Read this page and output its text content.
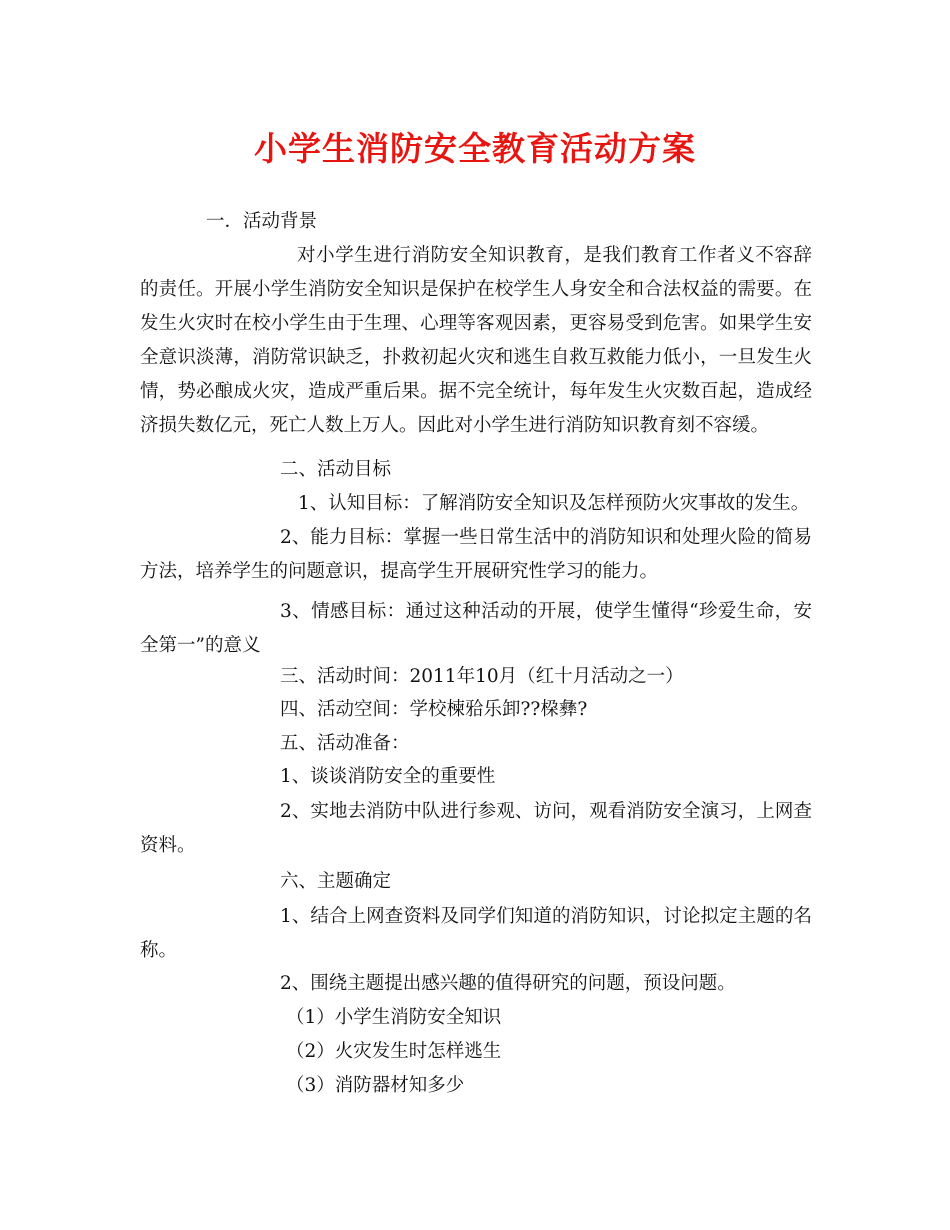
小学生消防安全教育活动方案

一．活动背景

对小学生进行消防安全知识教育，是我们教育工作者义不容辞的责任。开展小学生消防安全知识是保护在校学生人身安全和合法权益的需要。在发生火灾时在校小学生由于生理、心理等客观因素，更容易受到危害。如果学生安全意识淡薄，消防常识缺乏，扑救初起火灾和逃生自救互救能力低小，一旦发生火情，势必酿成火灾，造成严重后果。据不完全统计，每年发生火灾数百起，造成经济损失数亿元，死亡人数上万人。因此对小学生进行消防知识教育刻不容缓。

二、活动目标

1、认知目标：了解消防安全知识及怎样预防火灾事故的发生。

2、能力目标：掌握一些日常生活中的消防知识和处理火险的简易方法，培养学生的问题意识，提高学生开展研究性学习的能力。

3、情感目标：通过这种活动的开展，使学生懂得“珍爱生命，安全第一”的意义

三、活动时间：2011年10月（红十月活动之一）

四、活动空间：学校楝𬌗乐卸??桗彝?

五、活动准备：

1、谈谈消防安全的重要性

2、实地去消防中队进行参观、访问，观看消防安全演习，上网查资料。

六、主题确定

1、结合上网查资料及同学们知道的消防知识，讨论拟定主题的名称。

2、围绕主题提出感兴趣的值得研究的问题，预设问题。

（1）小学生消防安全知识

（2）火灾发生时怎样逃生

（3）消防器材知多少
